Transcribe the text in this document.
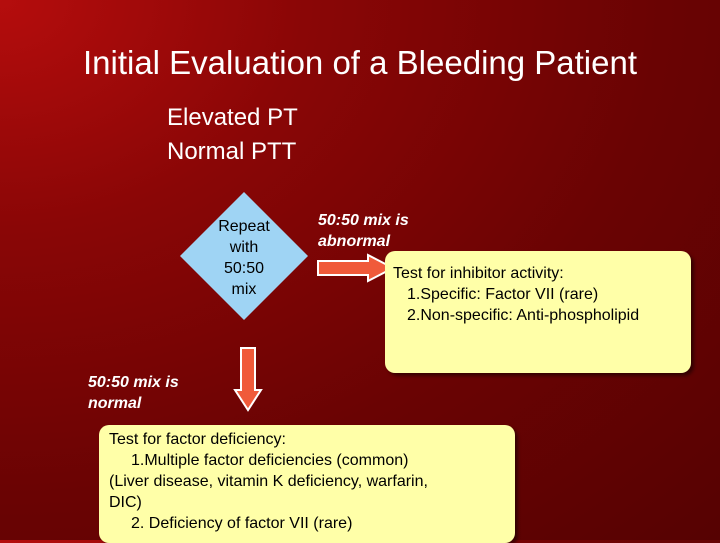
Initial Evaluation of a Bleeding Patient
Elevated PT
Normal PTT
Repeat
with
50:50
mix
50:50 mix is
abnormal
Test for inhibitor activity:
1.Specific: Factor VII (rare)
2.Non-specific: Anti-phospholipid
50:50 mix is
normal
Test for factor deficiency:
1.Multiple factor deficiencies (common)
(Liver disease, vitamin K deficiency, warfarin,
DIC)
2. Deficiency of factor VII (rare)
